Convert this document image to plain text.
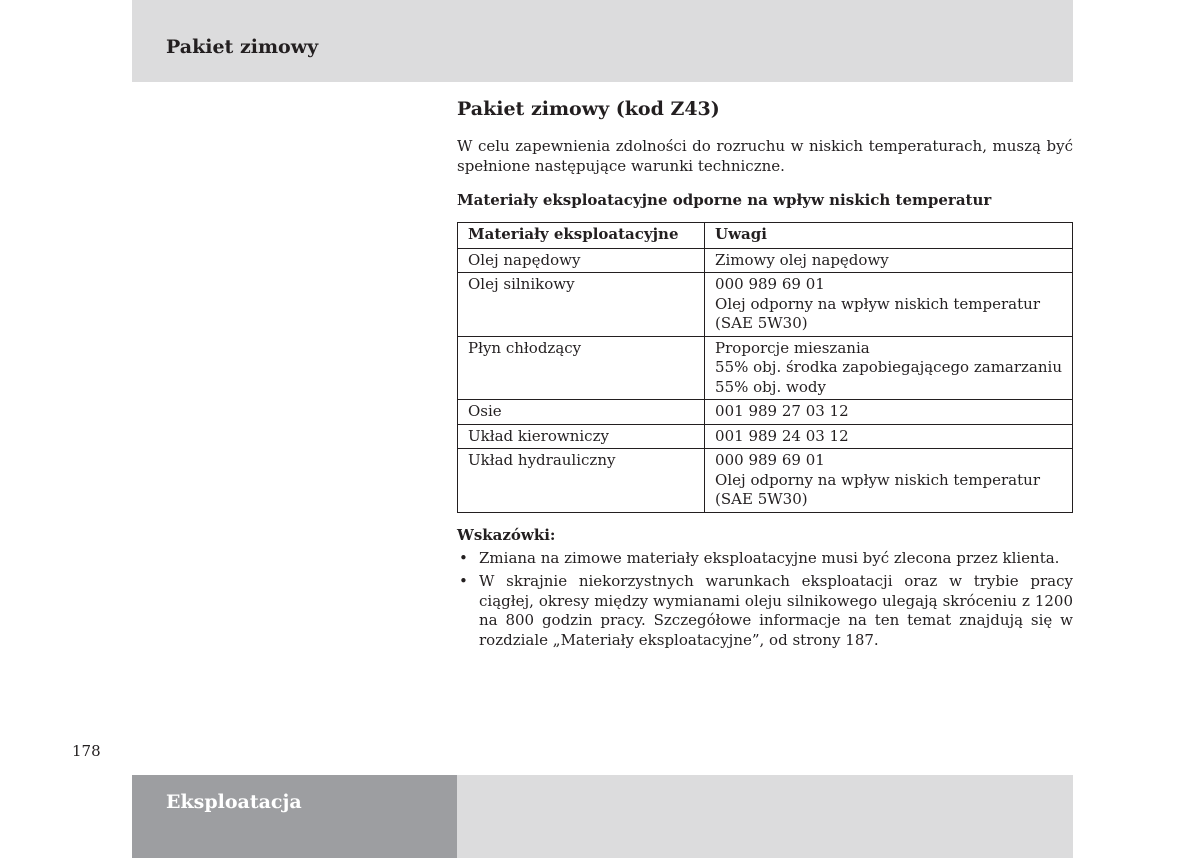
Pakiet zimowy
Pakiet zimowy (kod Z43)

W celu zapewnienia zdolności do rozruchu w niskich temperaturach, muszą być spełnione następujące warunki techniczne.

Materiały eksploatacyjne odporne na wpływ niskich temperatur

Materiały eksploatacyjne	Uwagi
Olej napędowy	Zimowy olej napędowy

Olej silnikowy	000 989 69 01
Olej odporny na wpływ niskich temperatur
(SAE 5W30)

Płyn chłodzący	Proporcje mieszania
55% obj. środka zapobiegającego zamarzaniu
55% obj. wody

Osie	001 989 27 03 12

Układ kierowniczy	001 989 24 03 12

Układ hydrauliczny	000 989 69 01
Olej odporny na wpływ niskich temperatur
(SAE 5W30)

Wskazówki:

• Zmiana na zimowe materiały eksploatacyjne musi być zlecona przez klienta.
• W skrajnie niekorzystnych warunkach eksploatacji oraz w trybie pracy ciągłej, okresy między wymianami oleju silnikowego ulegają skróceniu z 1200 na 800 godzin pracy. Szczegółowe informacje na ten temat znajdują się w rozdziale „Materiały eksploatacyjne”, od strony 187.
178
Eksploatacja
